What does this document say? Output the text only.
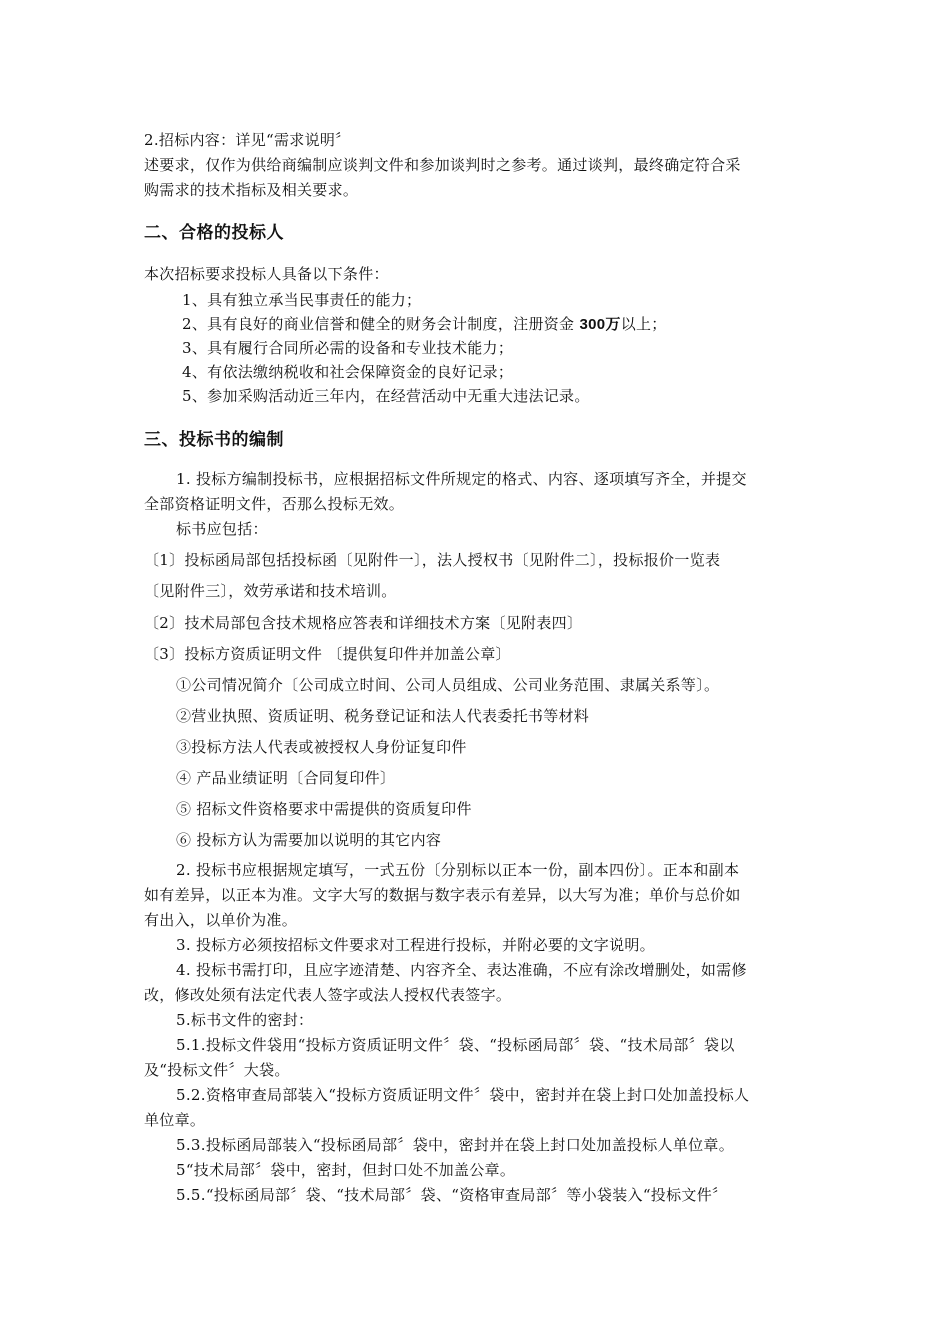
2.招标内容：详见“需求说明〞
述要求，仅作为供给商编制应谈判文件和参加谈判时之参考。通过谈判，最终确定符合采
购需求的技术指标及相关要求。
二、合格的投标人
本次招标要求投标人具备以下条件：
1、具有独立承当民事责任的能力；
2、具有良好的商业信誉和健全的财务会计制度，注册资金 300万以上；
3、具有履行合同所必需的设备和专业技术能力；
4、有依法缴纳税收和社会保障资金的良好记录；
5、参加采购活动近三年内，在经营活动中无重大违法记录。
三、投标书的编制
1. 投标方编制投标书，应根据招标文件所规定的格式、内容、逐项填写齐全，并提交
全部资格证明文件，否那么投标无效。
标书应包括：
〔1〕投标函局部包括投标函〔见附件一〕，法人授权书〔见附件二〕，投标报价一览表
〔见附件三〕，效劳承诺和技术培训。
〔2〕技术局部包含技术规格应答表和详细技术方案〔见附表四〕
〔3〕投标方资质证明文件 〔提供复印件并加盖公章〕
①公司情况简介〔公司成立时间、公司人员组成、公司业务范围、隶属关系等〕。
②营业执照、资质证明、税务登记证和法人代表委托书等材料
③投标方法人代表或被授权人身份证复印件
④ 产品业绩证明〔合同复印件〕
⑤ 招标文件资格要求中需提供的资质复印件
⑥ 投标方认为需要加以说明的其它内容
2. 投标书应根据规定填写，一式五份〔分别标以正本一份，副本四份〕。正本和副本
如有差异，以正本为准。文字大写的数据与数字表示有差异，以大写为准；单价与总价如
有出入，以单价为准。
3. 投标方必须按招标文件要求对工程进行投标，并附必要的文字说明。
4. 投标书需打印，且应字迹清楚、内容齐全、表达准确，不应有涂改增删处，如需修
改，修改处须有法定代表人签字或法人授权代表签字。
5.标书文件的密封：
5.1.投标文件袋用“投标方资质证明文件〞袋、“投标函局部〞袋、“技术局部〞袋以
及“投标文件〞大袋。
5.2.资格审查局部装入“投标方资质证明文件〞袋中，密封并在袋上封口处加盖投标人
单位章。
5.3.投标函局部装入“投标函局部〞袋中，密封并在袋上封口处加盖投标人单位章。
5“技术局部〞袋中，密封，但封口处不加盖公章。
5.5.“投标函局部〞袋、“技术局部〞袋、“资格审查局部〞等小袋装入“投标文件〞
